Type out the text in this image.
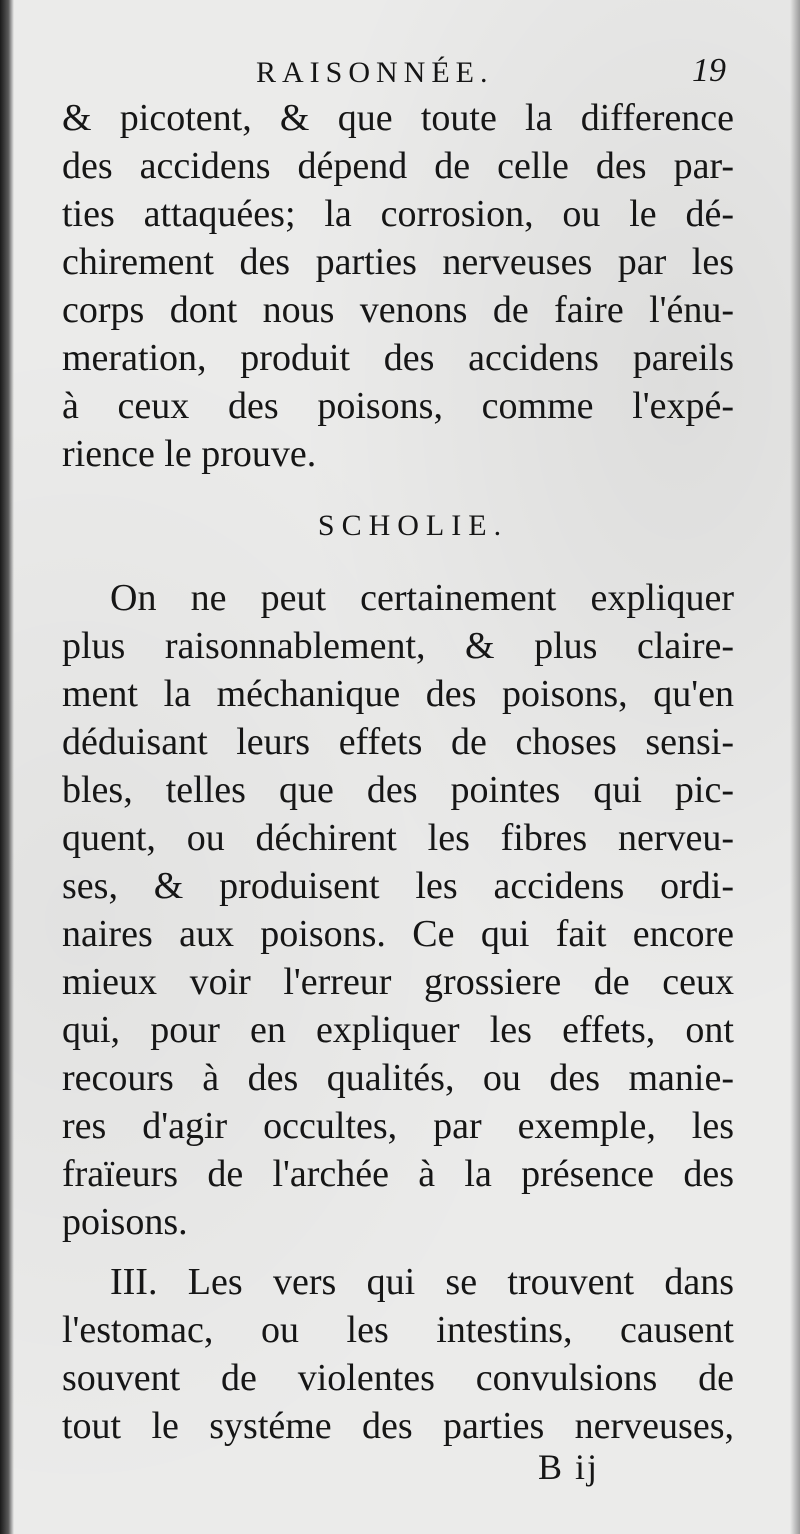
RAISONNÉE.	19
& picotent, & que toute la difference
des accidens dépend de celle des par-
ties attaquées; la corrosion, ou le dé-
chirement des parties nerveuses par les
corps dont nous venons de faire l'énu-
meration, produit des accidens pareils
à ceux des poisons, comme l'expé-
rience le prouve.
SCHOLIE.
On ne peut certainement expliquer
plus raisonnablement, & plus claire-
ment la méchanique des poisons, qu'en
déduisant leurs effets de choses sensi-
bles, telles que des pointes qui pic-
quent, ou déchirent les fibres nerveu-
ses, & produisent les accidens ordi-
naires aux poisons. Ce qui fait encore
mieux voir l'erreur grossiere de ceux
qui, pour en expliquer les effets, ont
recours à des qualités, ou des manie-
res d'agir occultes, par exemple, les
fraïeurs de l'archée à la présence des
poisons.
III. Les vers qui se trouvent dans
l'estomac, ou les intestins, causent
souvent de violentes convulsions de
tout le systéme des parties nerveuses,
B ij
